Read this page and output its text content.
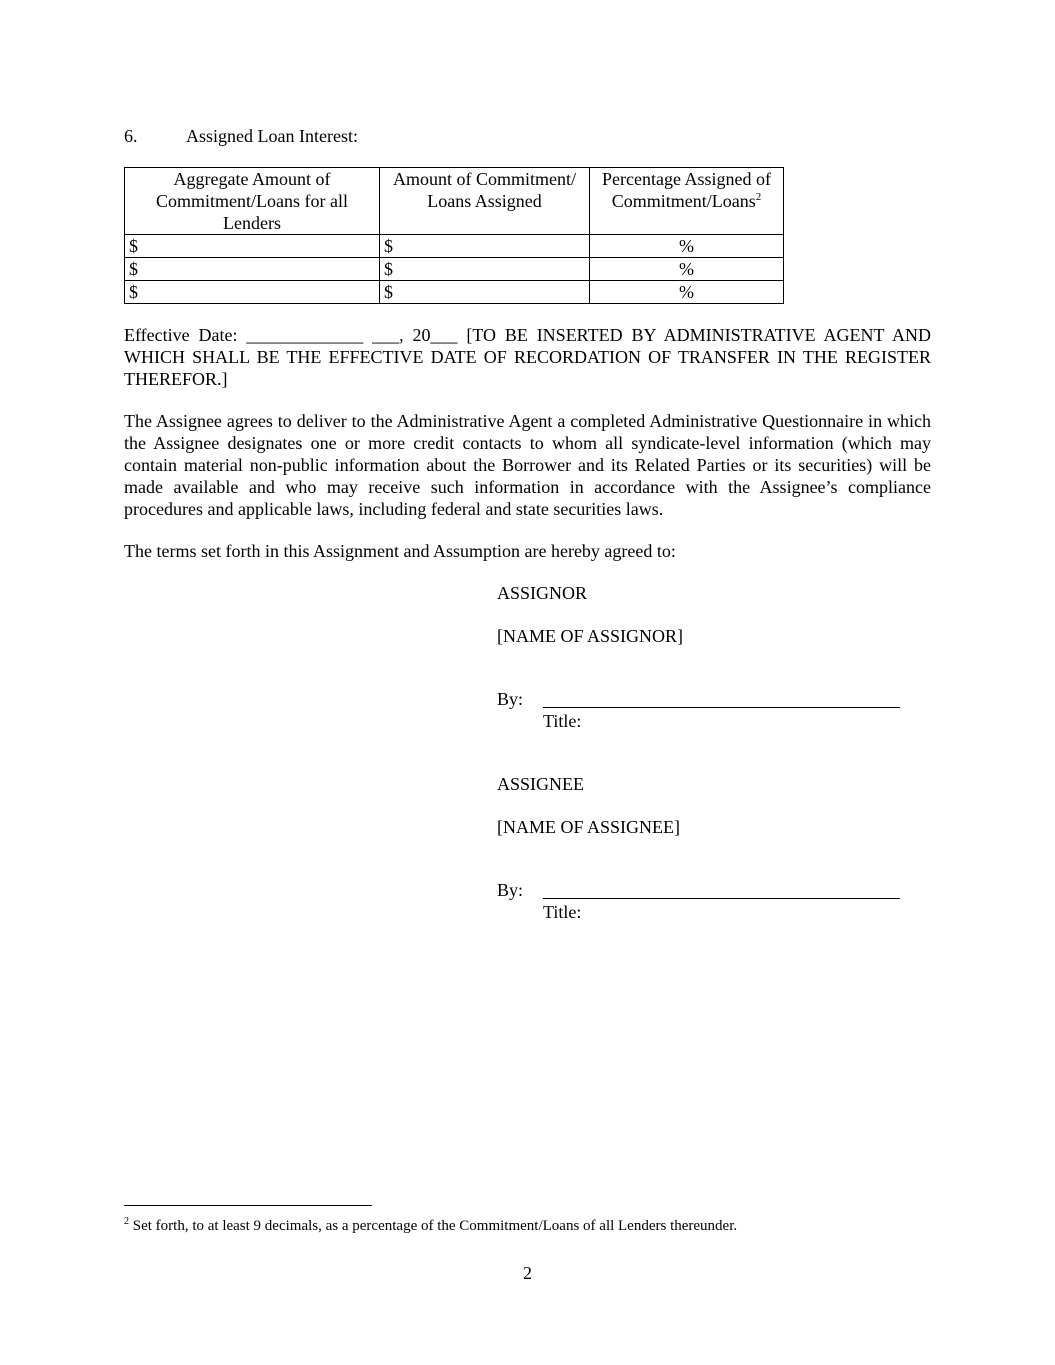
6.	Assigned Loan Interest:
Aggregate Amount of Commitment/Loans for all Lenders	Amount of Commitment/ Loans Assigned	Percentage Assigned of Commitment/Loans$^2$
$	$	%
$	$	%
$	$	%
Effective Date: _____________ ___, 20___ [TO BE INSERTED BY ADMINISTRATIVE AGENT AND WHICH SHALL BE THE EFFECTIVE DATE OF RECORDATION OF TRANSFER IN THE REGISTER THEREFOR.]
The Assignee agrees to deliver to the Administrative Agent a completed Administrative Questionnaire in which the Assignee designates one or more credit contacts to whom all syndicate-level information (which may contain material non-public information about the Borrower and its Related Parties or its securities) will be made available and who may receive such information in accordance with the Assignee’s compliance procedures and applicable laws, including federal and state securities laws.
The terms set forth in this Assignment and Assumption are hereby agreed to:
ASSIGNOR
[NAME OF ASSIGNOR]
By:
Title:
ASSIGNEE
[NAME OF ASSIGNEE]
By:
Title:
$^2$ Set forth, to at least 9 decimals, as a percentage of the Commitment/Loans of all Lenders thereunder.
2
